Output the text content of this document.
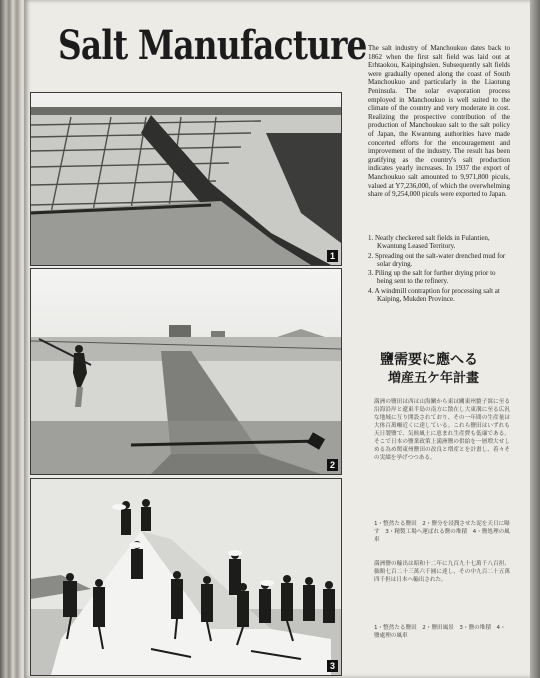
Salt Manufacture
1
2
3

The salt industry of Manchoukuo dates back to 1862 when the first salt field was laid out at Erhtaokou, Kaipinghsien. Subsequently salt fields were gradually opened along the coast of South Manchoukuo and particularly in the Liaotung Peninsula. The solar evaporation process employed in Manchoukuo is well suited to the climate of the country and very moderate in cost. Realizing the prospective contribution of the production of Manchoukuo salt to the salt policy of Japan, the Kwantung authorities have made concerted efforts for the encouragement and improvement of the industry. The result has been gratifying as the country's salt production indicates yearly increases. In 1937 the export of Manchoukuo salt amounted to 9,971,800 piculs, valued at Y7,236,000, of which the overwhelming share of 9,254,000 piculs were exported to Japan.

1. Neatly checkered salt fields in Fulantien, Kwantung Leased Territory.
2. Spreading out the salt-water drenched mud for solar drying.
3. Piling up the salt for further drying prior to being sent to the refinery.
4. A windmill contraption for processing salt at Kaiping, Mukden Province.
鹽需要に應へる
増産五ケ年計畫

満洲の鹽田は西は山海關から東は關東州貔子窩に至る沿海沿岸と遼東半島の南方に散在し大東溝に至る広汎な地域に互り開設されており、その一年間の生産量は大体百萬噸近くに達している。これら鹽田はいずれも天日製鹽で、気候風土に恵まれ生産費も低廉である。そこで日本の鹽業政策上満洲鹽の供給を一層増大せしめる為め関東州鹽田の改良と増産とを計畫し、着々その実績を挙げつつある。

1・整然たる鹽田　2・鹽分を浸潤させた泥を天日に曝す　3・精製工場へ運ばれる鹽の堆積　4・鹽処理の風車

満洲鹽の輸出は昭和十二年に九百九十七萬千八百担、価額七百二十三萬六千圓に達し、その中九百二十五萬四千担は日本へ輸出された。

1・整然たる鹽田　2・鹽田風景　3・鹽の堆積　4・鹽處理の風車
